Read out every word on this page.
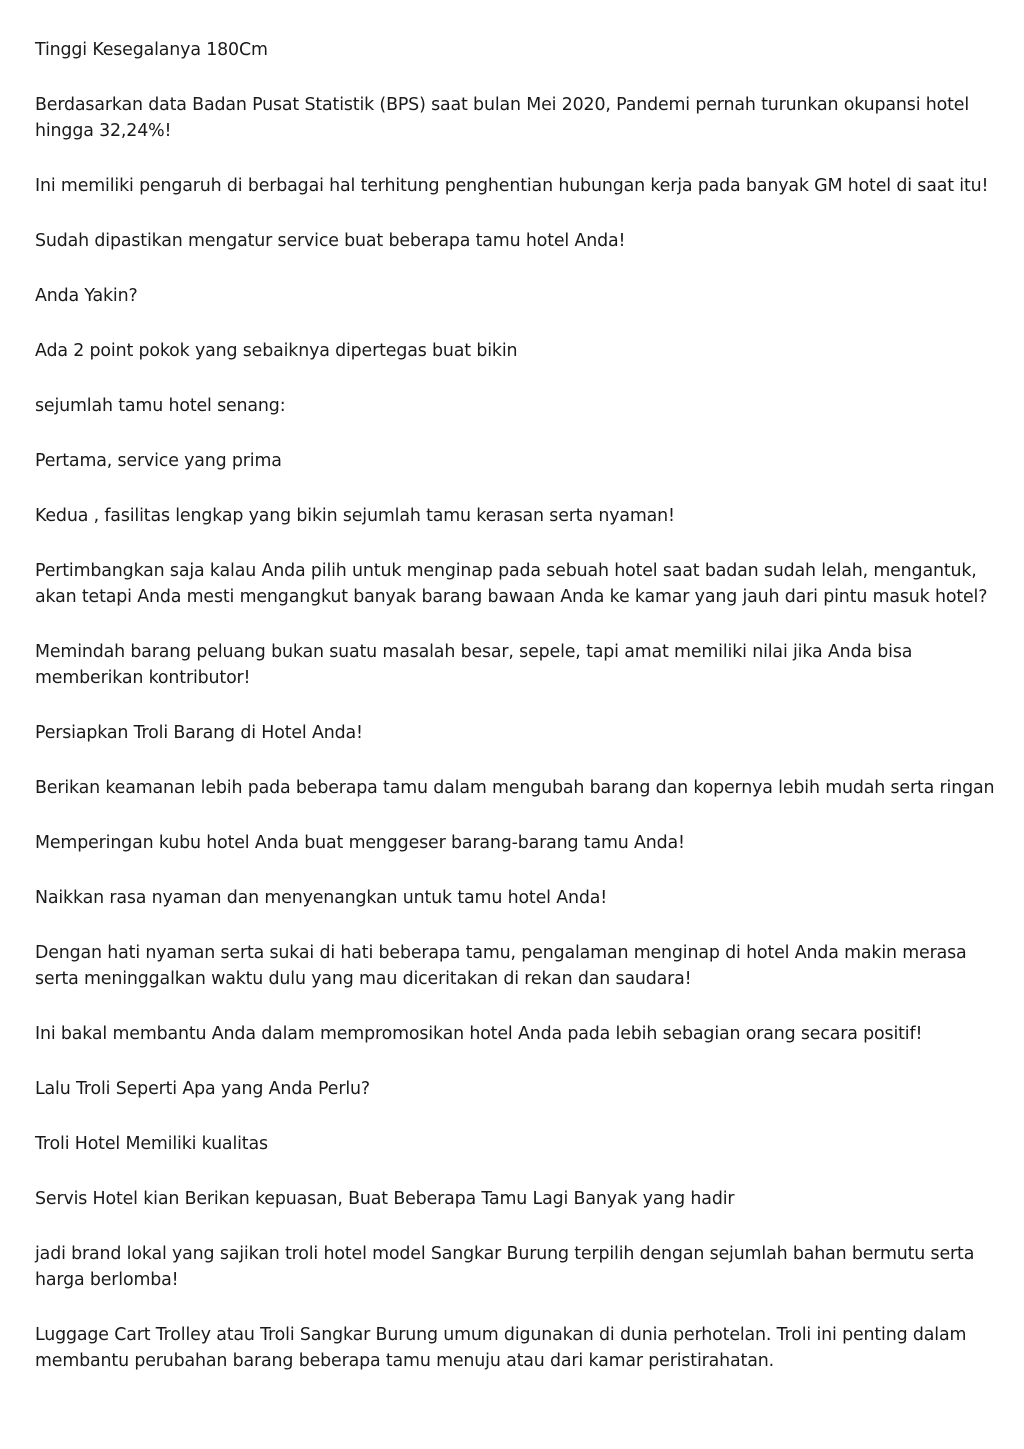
Tinggi Kesegalanya 180Cm

Berdasarkan data Badan Pusat Statistik (BPS) saat bulan Mei 2020, Pandemi pernah turunkan okupansi hotel hingga 32,24%!

Ini memiliki pengaruh di berbagai hal terhitung penghentian hubungan kerja pada banyak GM hotel di saat itu!

Sudah dipastikan mengatur service buat beberapa tamu hotel Anda!

Anda Yakin?

Ada 2 point pokok yang sebaiknya dipertegas buat bikin

sejumlah tamu hotel senang:

Pertama, service yang prima

Kedua , fasilitas lengkap yang bikin sejumlah tamu kerasan serta nyaman!

Pertimbangkan saja kalau Anda pilih untuk menginap pada sebuah hotel saat badan sudah lelah, mengantuk, akan tetapi Anda mesti mengangkut banyak barang bawaan Anda ke kamar yang jauh dari pintu masuk hotel?

Memindah barang peluang bukan suatu masalah besar, sepele, tapi amat memiliki nilai jika Anda bisa memberikan kontributor!

Persiapkan Troli Barang di Hotel Anda!

Berikan keamanan lebih pada beberapa tamu dalam mengubah barang dan kopernya lebih mudah serta ringan

Memperingan kubu hotel Anda buat menggeser barang-barang tamu Anda!

Naikkan rasa nyaman dan menyenangkan untuk tamu hotel Anda!

Dengan hati nyaman serta sukai di hati beberapa tamu, pengalaman menginap di hotel Anda makin merasa serta meninggalkan waktu dulu yang mau diceritakan di rekan dan saudara!

Ini bakal membantu Anda dalam mempromosikan hotel Anda pada lebih sebagian orang secara positif!

Lalu Troli Seperti Apa yang Anda Perlu?

Troli Hotel Memiliki kualitas

Servis Hotel kian Berikan kepuasan, Buat Beberapa Tamu Lagi Banyak yang hadir

jadi brand lokal yang sajikan troli hotel model Sangkar Burung terpilih dengan sejumlah bahan bermutu serta harga berlomba!

Luggage Cart Trolley atau Troli Sangkar Burung umum digunakan di dunia perhotelan. Troli ini penting dalam membantu perubahan barang beberapa tamu menuju atau dari kamar peristirahatan.
